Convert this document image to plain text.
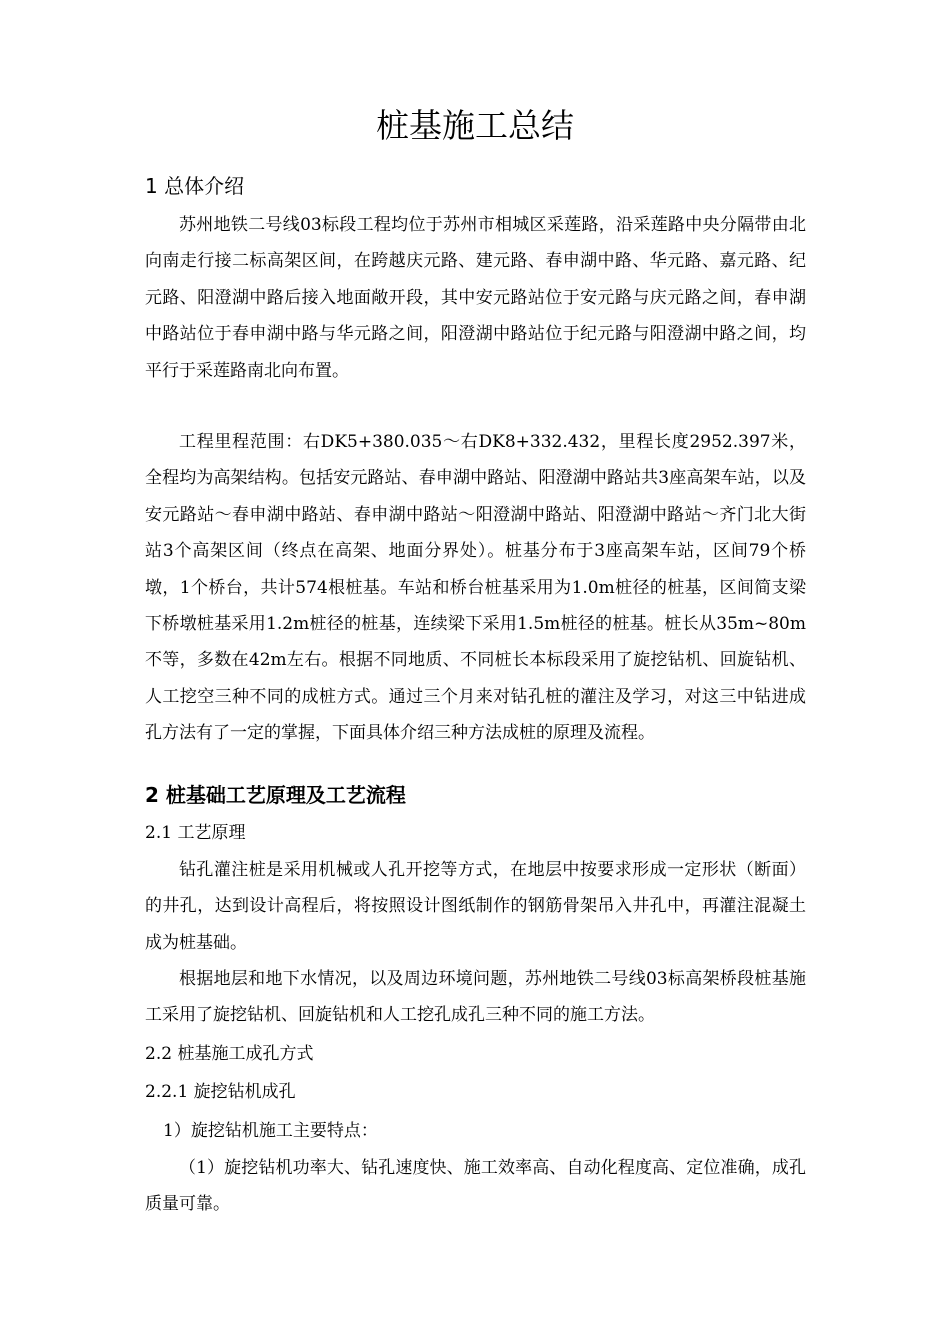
桩基施工总结
1 总体介绍

苏州地铁二号线03标段工程均位于苏州市相城区采莲路，沿采莲路中央分隔带由北向南走行接二标高架区间，在跨越庆元路、建元路、春申湖中路、华元路、嘉元路、纪元路、阳澄湖中路后接入地面敞开段，其中安元路站位于安元路与庆元路之间，春申湖中路站位于春申湖中路与华元路之间，阳澄湖中路站位于纪元路与阳澄湖中路之间，均平行于采莲路南北向布置。

工程里程范围：右DK5+380.035～右DK8+332.432，里程长度2952.397米，全程均为高架结构。包括安元路站、春申湖中路站、阳澄湖中路站共3座高架车站，以及安元路站～春申湖中路站、春申湖中路站～阳澄湖中路站、阳澄湖中路站～齐门北大街站3个高架区间（终点在高架、地面分界处）。桩基分布于3座高架车站，区间79个桥墩，1个桥台，共计574根桩基。车站和桥台桩基采用为1.0m桩径的桩基，区间简支梁下桥墩桩基采用1.2m桩径的桩基，连续梁下采用1.5m桩径的桩基。桩长从35m~80m不等，多数在42m左右。根据不同地质、不同桩长本标段采用了旋挖钻机、回旋钻机、人工挖空三种不同的成桩方式。通过三个月来对钻孔桩的灌注及学习，对这三中钻进成孔方法有了一定的掌握，下面具体介绍三种方法成桩的原理及流程。

2 桩基础工艺原理及工艺流程
2.1 工艺原理

钻孔灌注桩是采用机械或人孔开挖等方式，在地层中按要求形成一定形状（断面）的井孔，达到设计高程后，将按照设计图纸制作的钢筋骨架吊入井孔中，再灌注混凝土成为桩基础。

根据地层和地下水情况，以及周边环境问题，苏州地铁二号线03标高架桥段桩基施工采用了旋挖钻机、回旋钻机和人工挖孔成孔三种不同的施工方法。

2.2 桩基施工成孔方式
2.2.1 旋挖钻机成孔
1）旋挖钻机施工主要特点：

（1）旋挖钻机功率大、钻孔速度快、施工效率高、自动化程度高、定位准确，成孔质量可靠。
